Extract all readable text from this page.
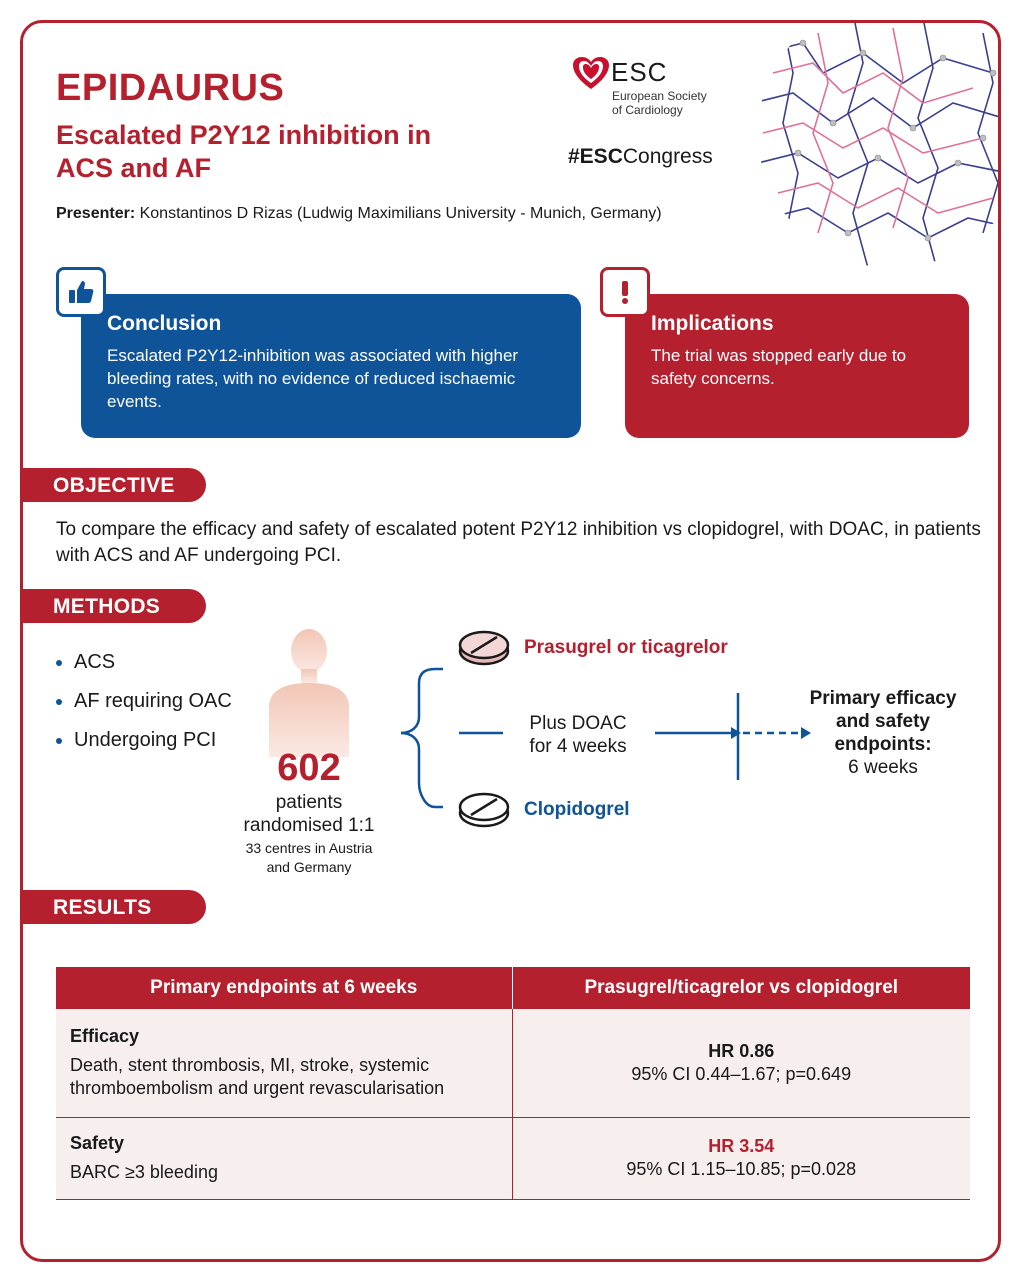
EPIDAURUS
Escalated P2Y12 inhibition in ACS and AF
Presenter: Konstantinos D Rizas (Ludwig Maximilians University - Munich, Germany)
ESC
European Society
of Cardiology
#ESCCongress
Conclusion

Escalated P2Y12-inhibition was associated with higher bleeding rates, with no evidence of reduced ischaemic events.

Implications

The trial was stopped early due to safety concerns.

OBJECTIVE
To compare the efficacy and safety of escalated potent P2Y12 inhibition vs clopidogrel, with DOAC, in patients with ACS and AF undergoing PCI.
METHODS
ACS
AF requiring OAC
Undergoing PCI
602
patients
randomised 1:1
33 centres in Austria
and Germany
Prasugrel or ticagrelor
Clopidogrel
Plus DOAC
for 4 weeks
Primary efficacy
and safety
endpoints:
6 weeks
RESULTS
Primary endpoints at 6 weeks	Prasugrel/ticagrelor vs clopidogrel

Efficacy
Death, stent thrombosis, MI, stroke, systemic thromboembolism and urgent revascularisation	HR 0.86
95% CI 0.44–1.67; p=0.649

Safety
BARC ≥3 bleeding	HR 3.54
95% CI 1.15–10.85; p=0.028
